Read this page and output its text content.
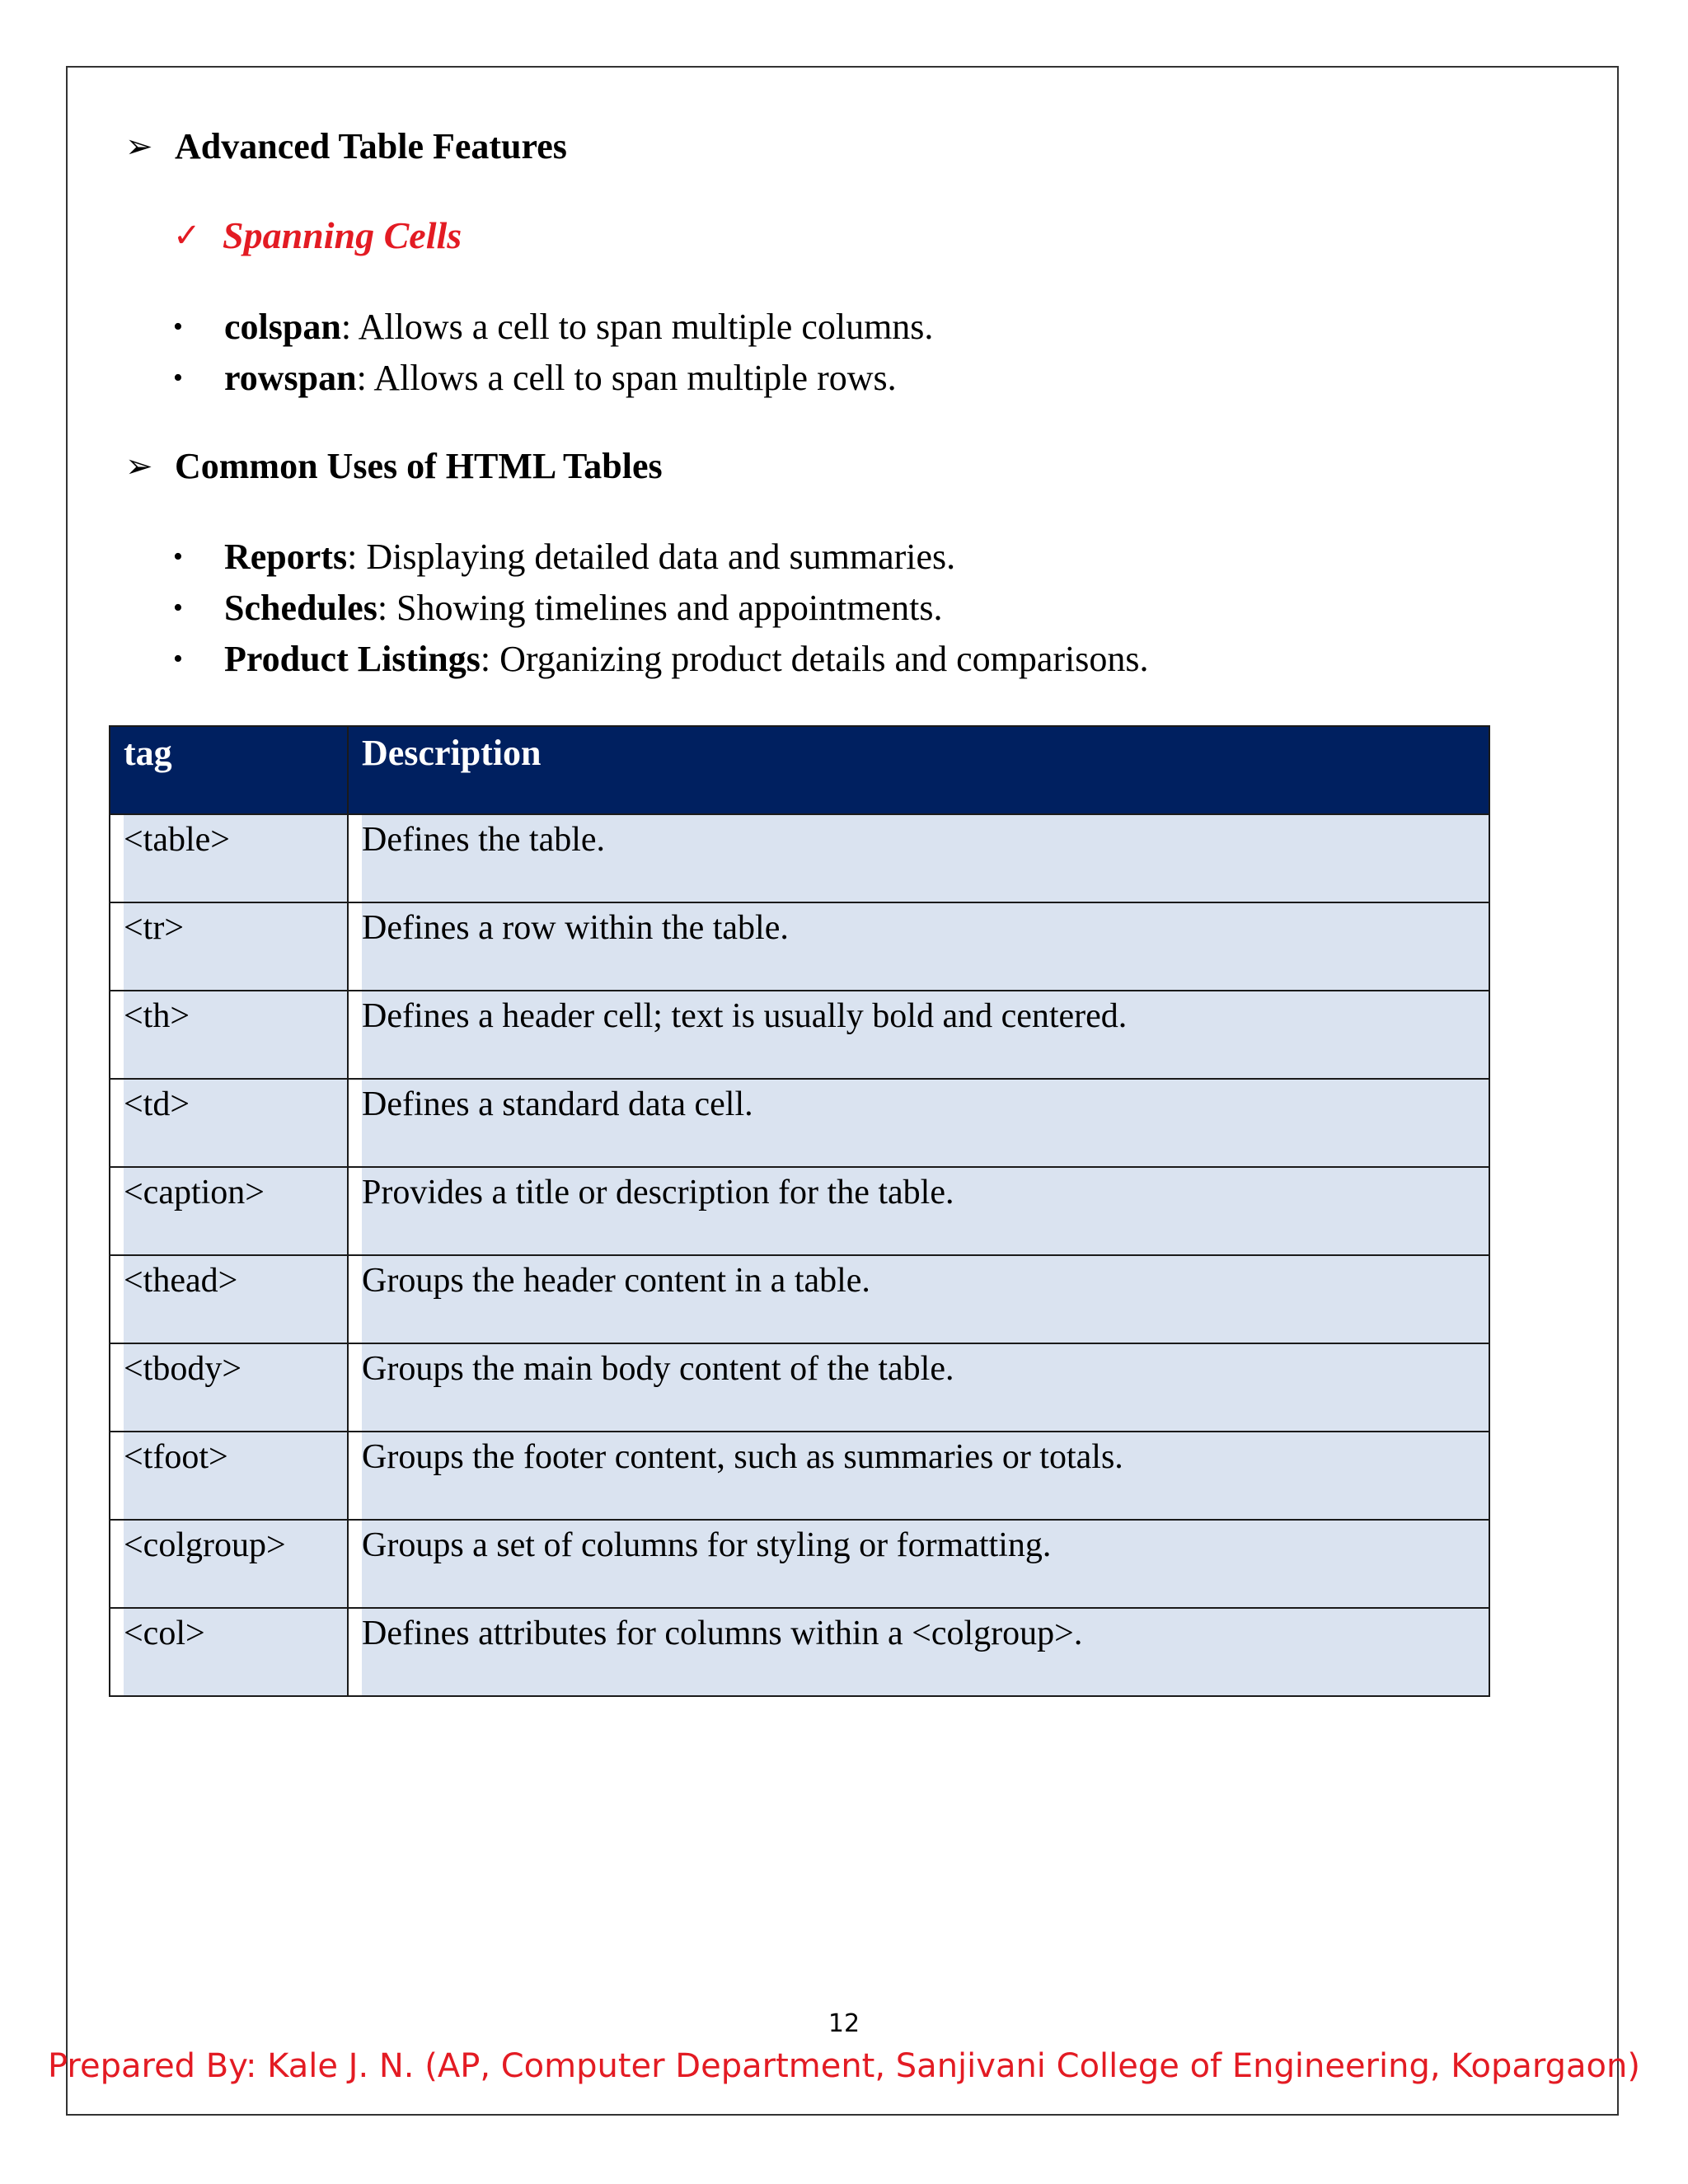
➢ Advanced Table Features
✓ Spanning Cells
•	colspan : Allows a cell to span multiple columns.
•	rowspan : Allows a cell to span multiple rows.
➢ Common Uses of HTML Tables
•	Reports : Displaying detailed data and summaries.
•	Schedules : Showing timelines and appointments.
•	Product Listings : Organizing product details and comparisons.
tag	Description
<table>	Defines the table.
<tr>	Defines a row within the table.
<th>	Defines a header cell; text is usually bold and centered.
<td>	Defines a standard data cell.
<caption>	Provides a title or description for the table.
<thead>	Groups the header content in a table.
<tbody>	Groups the main body content of the table.
<tfoot>	Groups the footer content, such as summaries or totals.
<colgroup>	Groups a set of columns for styling or formatting.
<col>	Defines attributes for columns within a <colgroup>.
12
Prepared By: Kale J. N. (AP, Computer Department, Sanjivani College of Engineering, Kopargaon)
